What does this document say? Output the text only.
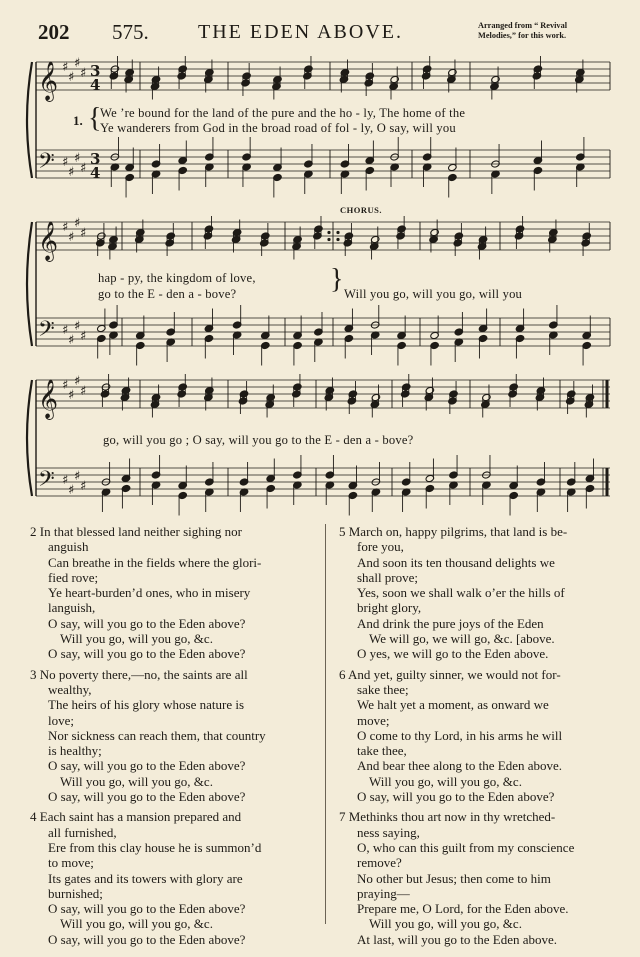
202 575. THE EDEN ABOVE.	Arranged from “ Revival
Melodies,” for this work.
𝄞
𝄢
♯
♯
♯
♯
♯
♯
♯
♯
3
4
3
4
𝄞
𝄢
♯
♯
♯
♯
♯
♯
♯
♯
𝄞
𝄢
♯
♯
♯
♯
♯
♯
♯
♯
1. {
We ’re bound for the land of the pure and the ho - ly, The home of the
Ye wanderers from God in the broad road of fol - ly, O say, will you
CHORUS.
hap - py, the kingdom of love,
go to the E - den a - bove?	} Will you go, will you go, will you
go, will you go ; O say, will you go to the E - den a - bove?
2 In that blessed land neither sighing nor
anguish
Can breathe in the fields where the glori-
fied rove;
Ye heart-burden’d ones, who in misery
languish,
O say, will you go to the Eden above?
Will you go, will you go, &c.
O say, will you go to the Eden above?
3 No poverty there,—no, the saints are all
wealthy,
The heirs of his glory whose nature is
love;
Nor sickness can reach them, that country
is healthy;
O say, will you go to the Eden above?
Will you go, will you go, &c.
O say, will you go to the Eden above?
4 Each saint has a mansion prepared and
all furnished,
Ere from this clay house he is summon’d
to move;
Its gates and its towers with glory are
burnished;
O say, will you go to the Eden above?
Will you go, will you go, &c.
O say, will you go to the Eden above?
5 March on, happy pilgrims, that land is be-
fore you,
And soon its ten thousand delights we
shall prove;
Yes, soon we shall walk o’er the hills of
bright glory,
And drink the pure joys of the Eden
We will go, we will go, &c. [above.
O yes, we will go to the Eden above.
6 And yet, guilty sinner, we would not for-
sake thee;
We halt yet a moment, as onward we
move;
O come to thy Lord, in his arms he will
take thee,
And bear thee along to the Eden above.
Will you go, will you go, &c.
O say, will you go to the Eden above?
7 Methinks thou art now in thy wretched-
ness saying,
O, who can this guilt from my conscience
remove?
No other but Jesus; then come to him
praying—
Prepare me, O Lord, for the Eden above.
Will you go, will you go, &c.
At last, will you go to the Eden above.
